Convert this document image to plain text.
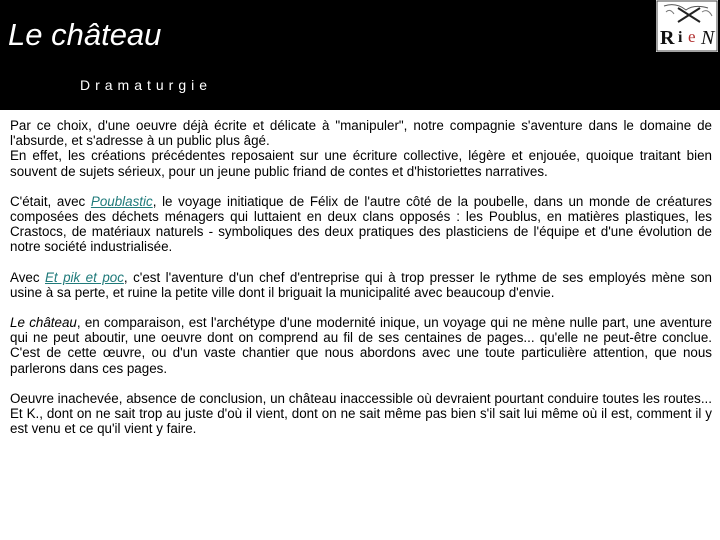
Le château
Dramaturgie
R i e N

Par ce choix, d'une oeuvre déjà écrite et délicate à "manipuler", notre compagnie s'aventure dans le domaine de l'absurde, et s'adresse à un public plus âgé.

En effet, les créations précédentes reposaient sur une écriture collective, légère et enjouée, quoique traitant bien souvent de sujets sérieux, pour un jeune public friand de contes et d'historiettes narratives.

C'était, avec Poublastic, le voyage initiatique de Félix de l'autre côté de la poubelle, dans un monde de créatures composées des déchets ménagers qui luttaient en deux clans opposés : les Poublus, en matières plastiques, les Crastocs, de matériaux naturels - symboliques des deux pratiques des plasticiens de l'équipe et d'une évolution de notre société industrialisée.

Avec Et pik et poc, c'est l'aventure d'un chef d'entreprise qui à trop presser le rythme de ses employés mène son usine à sa perte, et ruine la petite ville dont il briguait la municipalité avec beaucoup d'envie.

Le château, en comparaison, est l'archétype d'une modernité inique, un voyage qui ne mène nulle part, une aventure qui ne peut aboutir, une oeuvre dont on comprend au fil de ses centaines de pages... qu'elle ne peut-être conclue. C'est de cette œuvre, ou d'un vaste chantier que nous abordons avec une toute particulière attention, que nous parlerons dans ces pages.

Oeuvre inachevée, absence de conclusion, un château inaccessible où devraient pourtant conduire toutes les routes... Et K., dont on ne sait trop au juste d'où il vient, dont on ne sait même pas bien s'il sait lui même où il est, comment il y est venu et ce qu'il vient y faire.
